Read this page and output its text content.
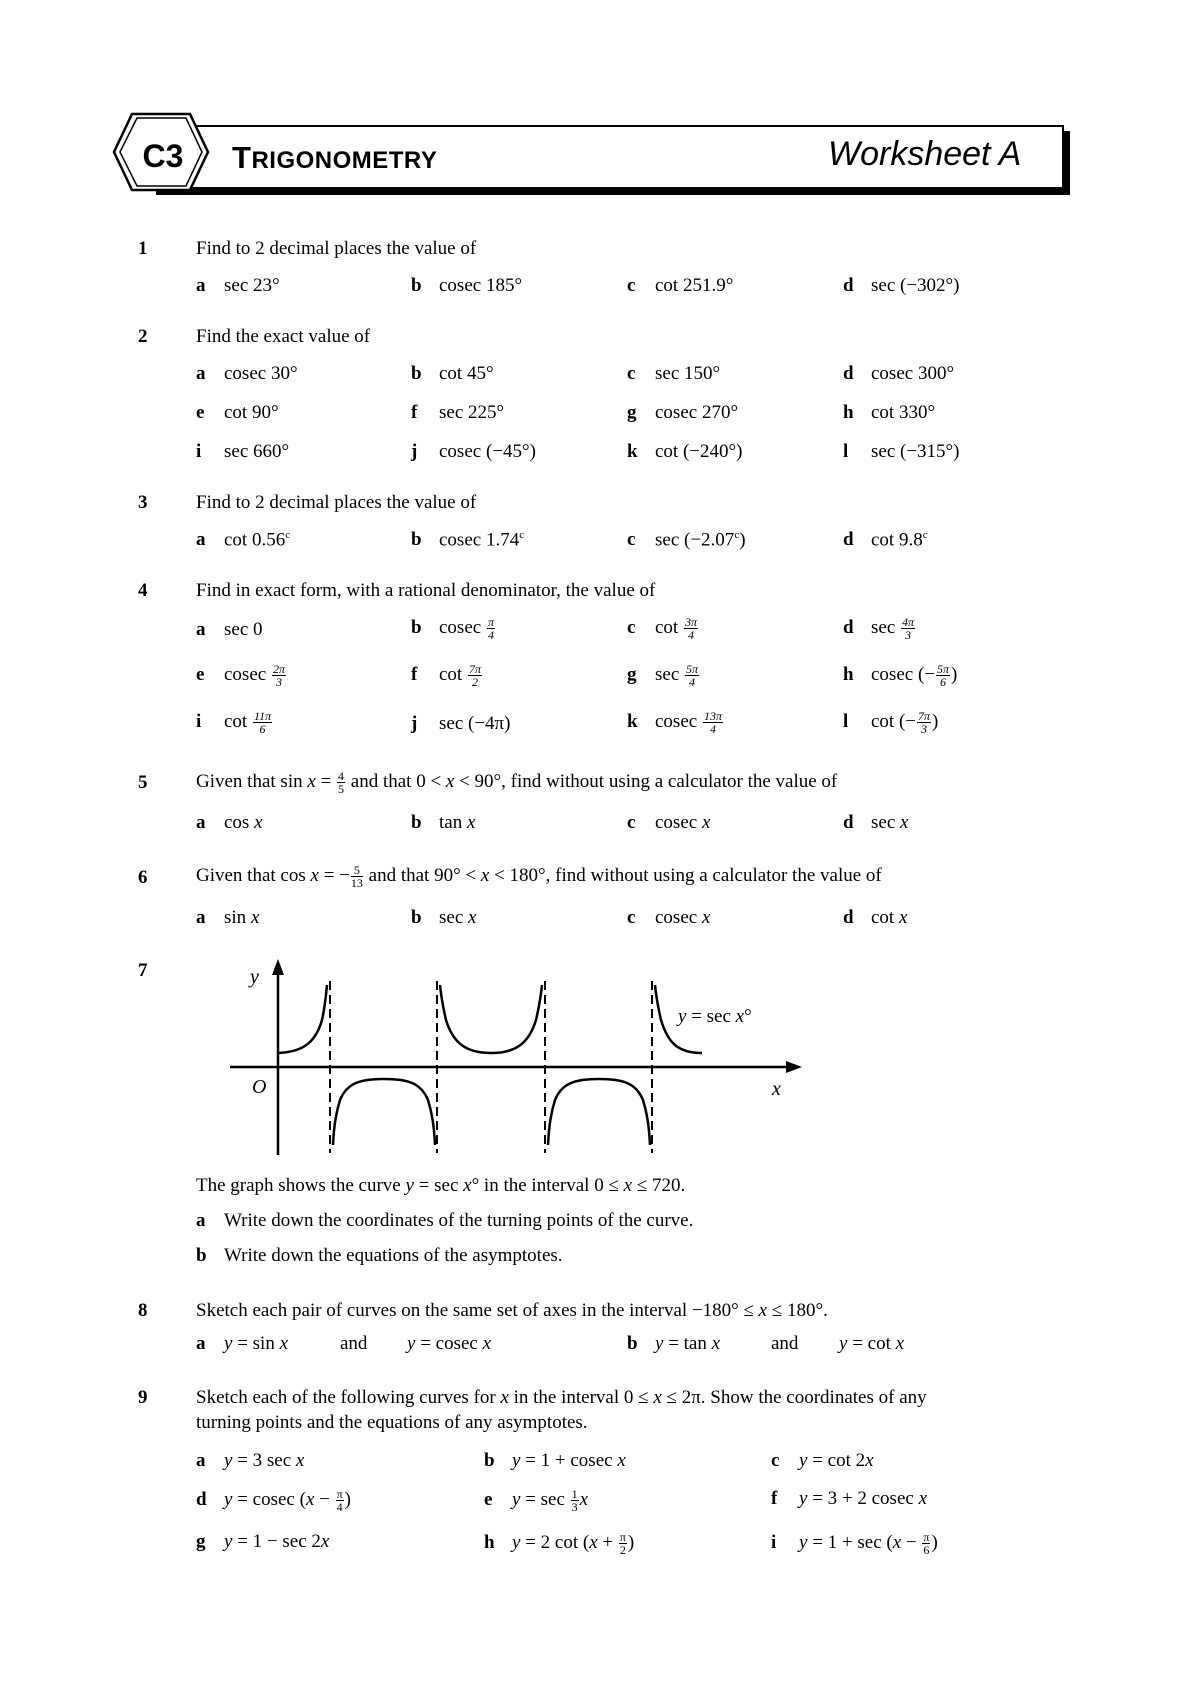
C3	TRIGONOMETRY	Worksheet A
1	Find to 2 decimal places the value of
a sec 23°	b cosec 185°	c cot 251.9°	d sec (−302°)
2	Find the exact value of
a cosec 30°	b cot 45°	c sec 150°	d cosec 300°
e cot 90°	f sec 225°	g cosec 270°	h cot 330°
i sec 660°	j cosec (−45°)	k cot (−240°)	l sec (−315°)
3	Find to 2 decimal places the value of
a cot 0.56$^c$	b cosec 1.74$^c$	c sec (−2.07$^c$)	d cot 9.8$^c$
4	Find in exact form, with a rational denominator, the value of
a sec 0	b cosec $\frac{\pi}{4}$	c $\cot \frac{3\pi}{4}$	d $\sec \frac{4\pi}{3}$
e cosec $\frac{2\pi}{3}$	f $\cot \frac{7\pi}{2}$	g $\sec \frac{5\pi}{4}$	h cosec (− $\frac{5\pi}{6}$ )
i $\cot \frac{11\pi}{6}$	j sec (−4π)	k cosec $\frac{13\pi}{4}$	l cot (− $\frac{7\pi}{3}$ )
5	Given that $\sin x = \frac{4}{5}$ and that 0 < x < 90°, find without using a calculator the value of
a cos x	b tan x	c cosec x	d sec x
6	Given that cos x = − $\frac{5}{13}$ and that 90° < x < 180°, find without using a calculator the value of
a sin x	b sec x	c cosec x	d cot x
7	y
x
O
y = sec x°
The graph shows the curve y = sec x° in the interval 0 ≤ x ≤ 720.
a Write down the coordinates of the turning points of the curve.
b Write down the equations of the asymptotes.
8	Sketch each pair of curves on the same set of axes in the interval −180° ≤ x ≤ 180°.
a y = sin x	and y = cosec x	b y = tan x	and y = cot x
9	Sketch each of the following curves for x in the interval 0 ≤ x ≤ 2π. Show the coordinates of any
turning points and the equations of any asymptotes.
a y = 3 sec x	b y = 1 + cosec x	c y = cot 2x
d y = cosec ($x - \frac{\pi}{4}$ )	e $y = \sec \frac{1}{3}$ x	f y = 3 + 2 cosec x
g y = 1 − sec 2x	h y = 2 $\cot (x + \frac{\pi}{2}$ )	i $y = 1 + \sec (x - \frac{\pi}{6}$ )
